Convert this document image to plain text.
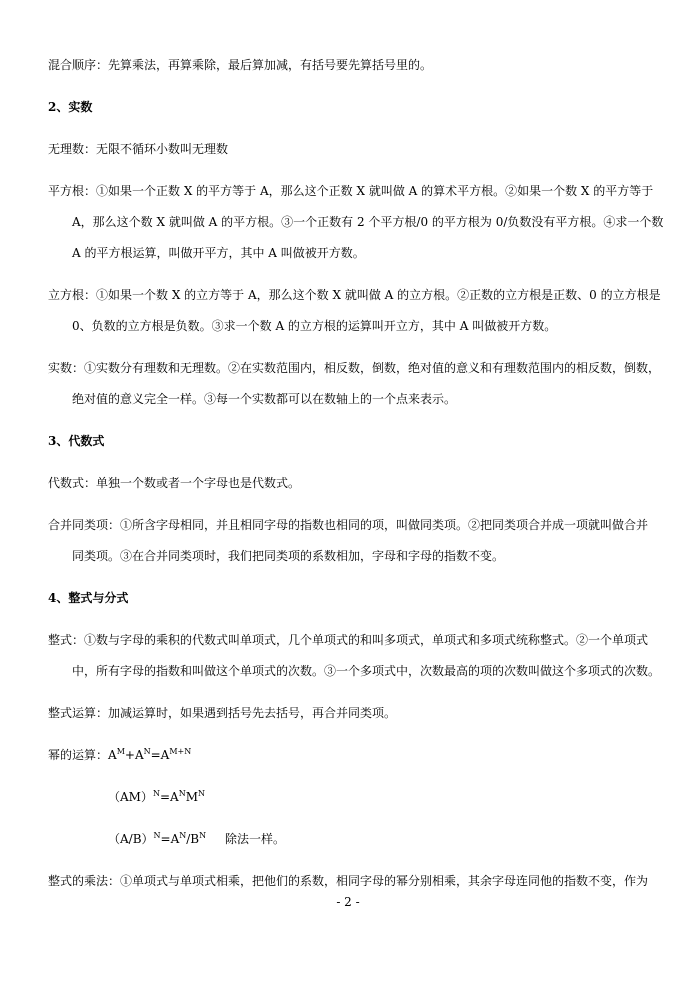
混合顺序：先算乘法，再算乘除，最后算加减，有括号要先算括号里的。
2、实数
无理数：无限不循环小数叫无理数
平方根：①如果一个正数 X 的平方等于 A，那么这个正数 X 就叫做 A 的算术平方根。②如果一个数 X 的平方等于
A，那么这个数 X 就叫做 A 的平方根。③一个正数有 2 个平方根/0 的平方根为 0/负数没有平方根。④求一个数
A 的平方根运算，叫做开平方，其中 A 叫做被开方数。
立方根：①如果一个数 X 的立方等于 A，那么这个数 X 就叫做 A 的立方根。②正数的立方根是正数、0 的立方根是
0、负数的立方根是负数。③求一个数 A 的立方根的运算叫开立方，其中 A 叫做被开方数。
实数：①实数分有理数和无理数。②在实数范围内，相反数，倒数，绝对值的意义和有理数范围内的相反数，倒数，
绝对值的意义完全一样。③每一个实数都可以在数轴上的一个点来表示。
3、代数式
代数式：单独一个数或者一个字母也是代数式。
合并同类项：①所含字母相同，并且相同字母的指数也相同的项，叫做同类项。②把同类项合并成一项就叫做合并
同类项。③在合并同类项时，我们把同类项的系数相加，字母和字母的指数不变。
4、整式与分式
整式：①数与字母的乘积的代数式叫单项式，几个单项式的和叫多项式，单项式和多项式统称整式。②一个单项式
中，所有字母的指数和叫做这个单项式的次数。③一个多项式中，次数最高的项的次数叫做这个多项式的次数。
整式运算：加减运算时，如果遇到括号先去括号，再合并同类项。
幂的运算：$A^M+A^N=A^{M+N}$
$(AM)^N=A^NM^N$
$(A/B)^N=A^N/B^N$ 除法一样。
整式的乘法：①单项式与单项式相乘，把他们的系数，相同字母的幂分别相乘，其余字母连同他的指数不变，作为
- 2 -
